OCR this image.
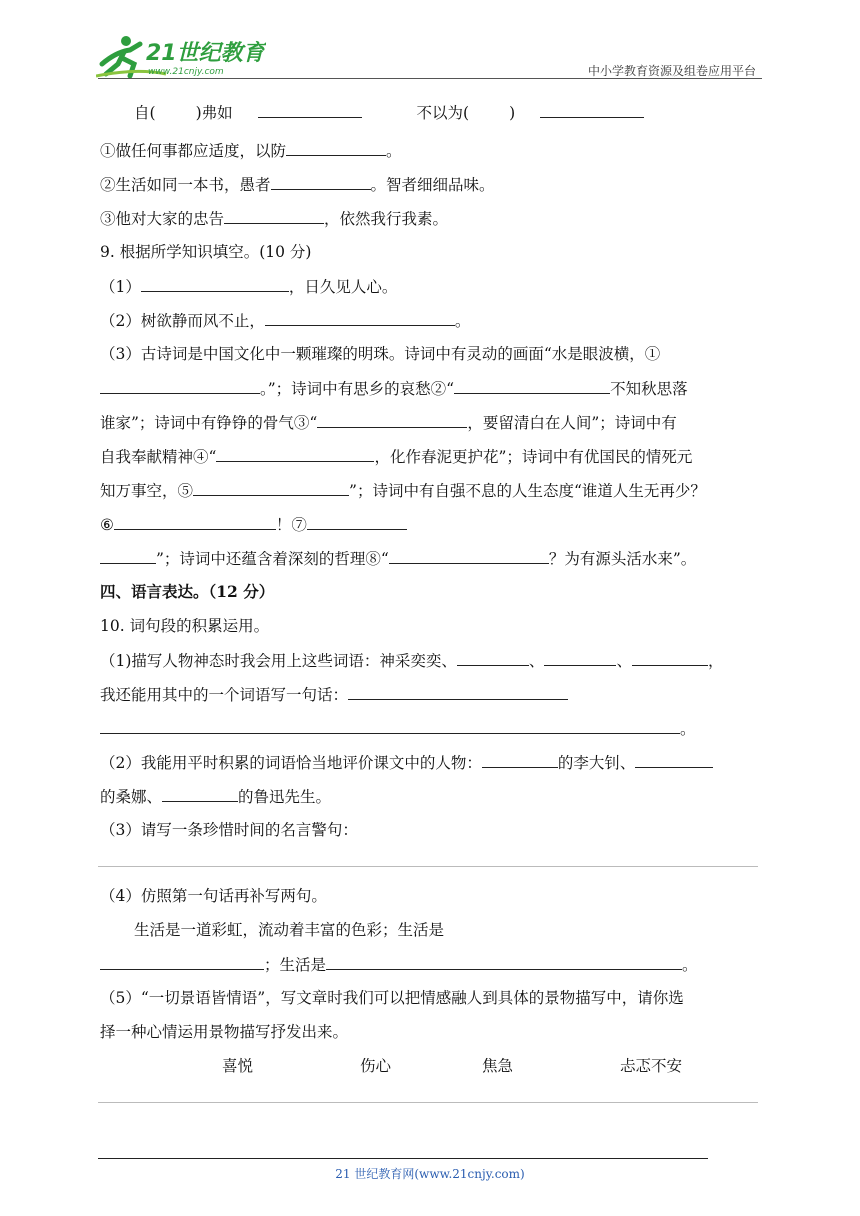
21世纪教育
www.21cnjy.com	中小学教育资源及组卷应用平台
自(	)弗如	不以为(	)
①做任何事都应适度，以防	。
②生活如同一本书，愚者	。智者细细品味。
③他对大家的忠告	，依然我行我素。
9. 根据所学知识填空。(10 分)
（1）	，日久见人心。
（2）树欲静而风不止，	。
（3）古诗词是中国文化中一颗璀璨的明珠。诗词中有灵动的画面“水是眼波横，①
。”；诗词中有思乡的哀愁②“	不知秋思落
谁家”；诗词中有铮铮的骨气③“	，要留清白在人间”；诗词中有
自我奉献精神④“	，化作春泥更护花”；诗词中有优国民的情死元
知万事空，⑤	”；诗词中有自强不息的人生态度“谁道人生无再少？
⑥	！⑦
”；诗词中还蕴含着深刻的哲理⑧“	？为有源头活水来”。
四、语言表达。（12 分）
10. 词句段的积累运用。
（1)描写人物神态时我会用上这些词语：神采奕奕、	、	、	，
我还能用其中的一个词语写一句话：
。
（2）我能用平时积累的词语恰当地评价课文中的人物：	的李大钊、
的桑娜、	的鲁迅先生。
（3）请写一条珍惜时间的名言警句：
（4）仿照第一句话再补写两句。
生活是一道彩虹，流动着丰富的色彩；生活是
；生活是	。
（5）“一切景语皆情语”，写文章时我们可以把情感融人到具体的景物描写中，请你选
择一种心情运用景物描写抒发出来。
喜悦	伤心	焦急	忐忑不安
21 世纪教育网(www.21cnjy.com)
